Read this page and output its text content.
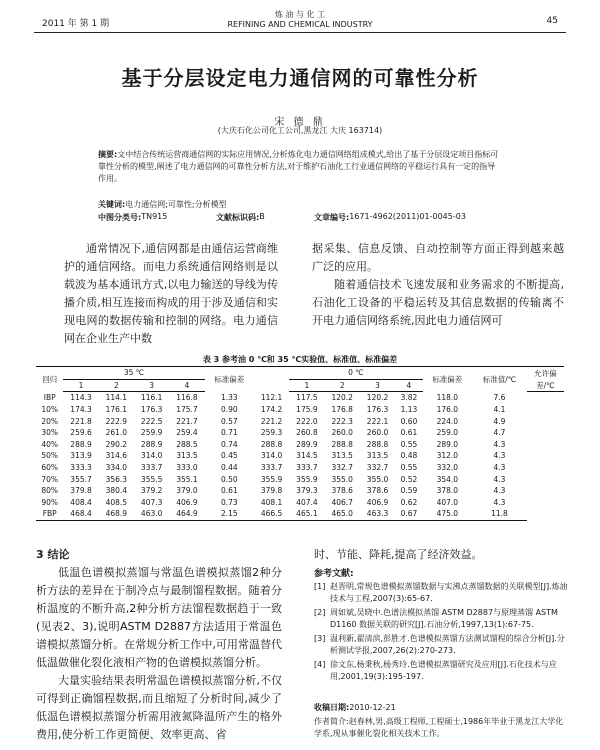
2011 年 第 1 期
炼 油 与 化 工
REFINING AND CHEMICAL INDUSTRY	45
基于分层设定电力通信网的可靠性分析
宋 德 鼎
(大庆石化公司化工公司,黑龙江 大庆 163714)
摘要:文中结合传统运营商通信网的实际应用情况,分析炼化电力通信网络组成模式,给出了基于分层设定项目指标可靠性分析的模型,阐述了电力通信网的可靠性分析方法,对于维护石油化工行业通信网络的平稳运行具有一定的指导作用。
关键词:电力通信网;可靠性;分析模型
中图分类号: TN915	文献标识码: B	文章编号: 1671-4962(2011)01-0045-03

通常情况下,通信网都是由通信运营商维护的通信网络。而电力系统通信网络则是以载波为基本通讯方式,以电力输送的导线为传播介质,相互连接而构成的用于涉及通信和实现电网的数据传输和控制的网络。电力通信网在企业生产中数

据采集、信息反馈、自动控制等方面正得到越来越广泛的应用。

随着通信技术飞速发展和业务需求的不断提高,石油化工设备的平稳运转及其信息数据的传输离不开电力通信网络系统,因此电力通信网可

表 3 参考油 0 ℃和 35 ℃实验值、标准值、标准偏差
回归	35 ℃				标准偏差		0 ℃				标准偏差	标准值/℃	允许偏
	1	2	3	4			1	2	3	4			差/℃
IBP	114.3	114.1	116.1	116.8	1.33	112.1	117.5	120.2	120.2	3.82	118.0	7.6	
10%	174.3	176.1	176.3	175.7	0.90	174.2	175.9	176.8	176.3	1.13	176.0	4.1	
20%	221.8	222.9	222.5	221.7	0.57	221.2	222.0	222.3	222.1	0.60	224.0	4.9	
30%	259.6	261.0	259.9	259.4	0.71	259.3	260.8	260.0	260.0	0.61	259.0	4.7	
40%	288.9	290.2	288.9	288.5	0.74	288.8	289.9	288.8	288.8	0.55	289.0	4.3	
50%	313.9	314.6	314.0	313.5	0.45	314.0	314.5	313.5	313.5	0.48	312.0	4.3	
60%	333.3	334.0	333.7	333.0	0.44	333.7	333.7	332.7	332.7	0.55	332.0	4.3	
70%	355.7	356.3	355.5	355.1	0.50	355.9	355.9	355.0	355.0	0.52	354.0	4.3	
80%	379.8	380.4	379.2	379.0	0.61	379.8	379.3	378.6	378.6	0.59	378.0	4.3	
90%	408.4	408.5	407.3	406.9	0.73	408.1	407.4	406.7	406.9	0.62	407.0	4.3	
FBP	468.4	468.9	463.0	464.9	2.15	466.5	465.1	465.0	463.3	0.67	475.0	11.8	
3 结论

低温色谱模拟蒸馏与常温色谱模拟蒸馏2种分析方法的差异在于制冷点与最制馏程数据。随着分析温度的不断升高,2种分析方法馏程数据趋于一致(见表2、3),说明ASTM D2887方法适用于常温色谱模拟蒸馏分析。在常规分析工作中,可用常温替代低温做催化裂化液相产物的色谱模拟蒸馏分析。

大量实验结果表明常温色谱模拟蒸馏分析,不仅可得到正确馏程数据,而且缩短了分析时间,减少了低温色谱模拟蒸馏分析需用液氮降温所产生的格外费用,使分析工作更简便、效率更高、省

时、节能、降耗,提高了经济效益。

参考文献:
[1] 赵晋明,常规色谱模拟蒸馏数据与实沸点蒸馏数据的关联模型[J].炼油技术与工程,2007(3):65-67.
[2] 周如斌,吴晓中.色谱法模拟蒸馏 ASTM D2887与原理蒸馏 ASTM D1160 数据关联的研究[J].石油分析,1997,13(1):67-75.
[3] 温利新,翟清滨,彭胜才.色谱模拟蒸馏方法测试馏程的综合分析[J].分析测试学报,2007,26(2):270-273.
[4] 徐文东,杨秉秋,杨秀玲.色谱模拟蒸馏研究及应用[J].石化技术与应用,2001,19(3):195-197.
收稿日期:2010-12-21
作者简介:赵春林,男,高级工程师,工程硕士,1986年毕业于黑龙江大学化学系,现从事催化裂化相关技术工作。
